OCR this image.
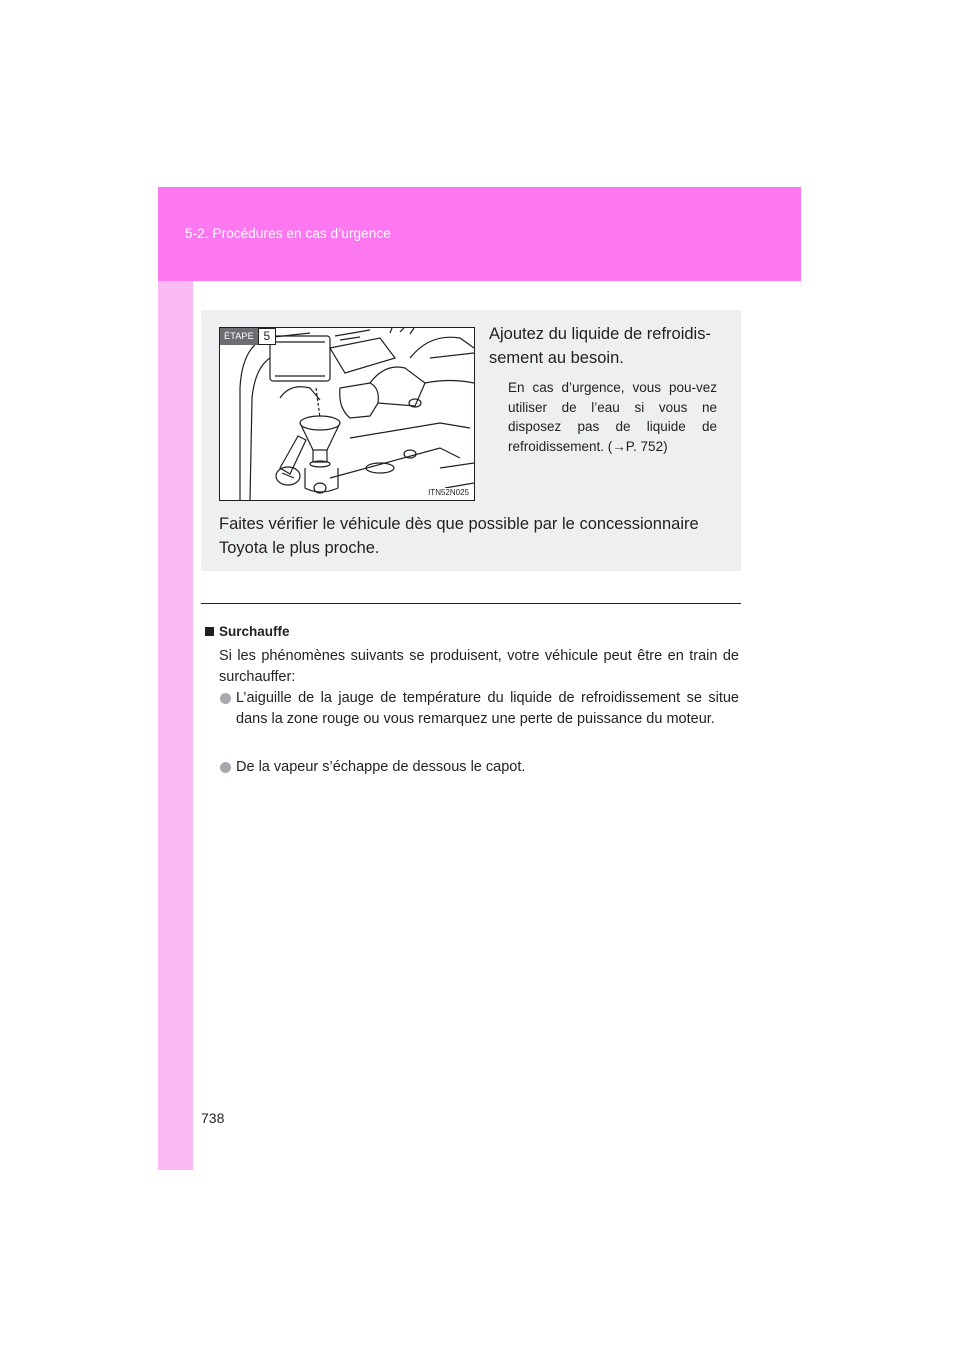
5-2. Procédures en cas d’urgence
ÉTAPE 5
ITN52N025

Ajoutez du liquide de refroidis-sement au besoin.

En cas d’urgence, vous pou-vez utiliser de l’eau si vous ne disposez pas de liquide de refroidissement. (→P. 752)

Faites vérifier le véhicule dès que possible par le concessionnaire Toyota le plus proche.

Surchauffe

Si les phénomènes suivants se produisent, votre véhicule peut être en train de surchauffer:

L’aiguille de la jauge de température du liquide de refroidissement se situe dans la zone rouge ou vous remarquez une perte de puissance du moteur.
De la vapeur s’échappe de dessous le capot.
738
